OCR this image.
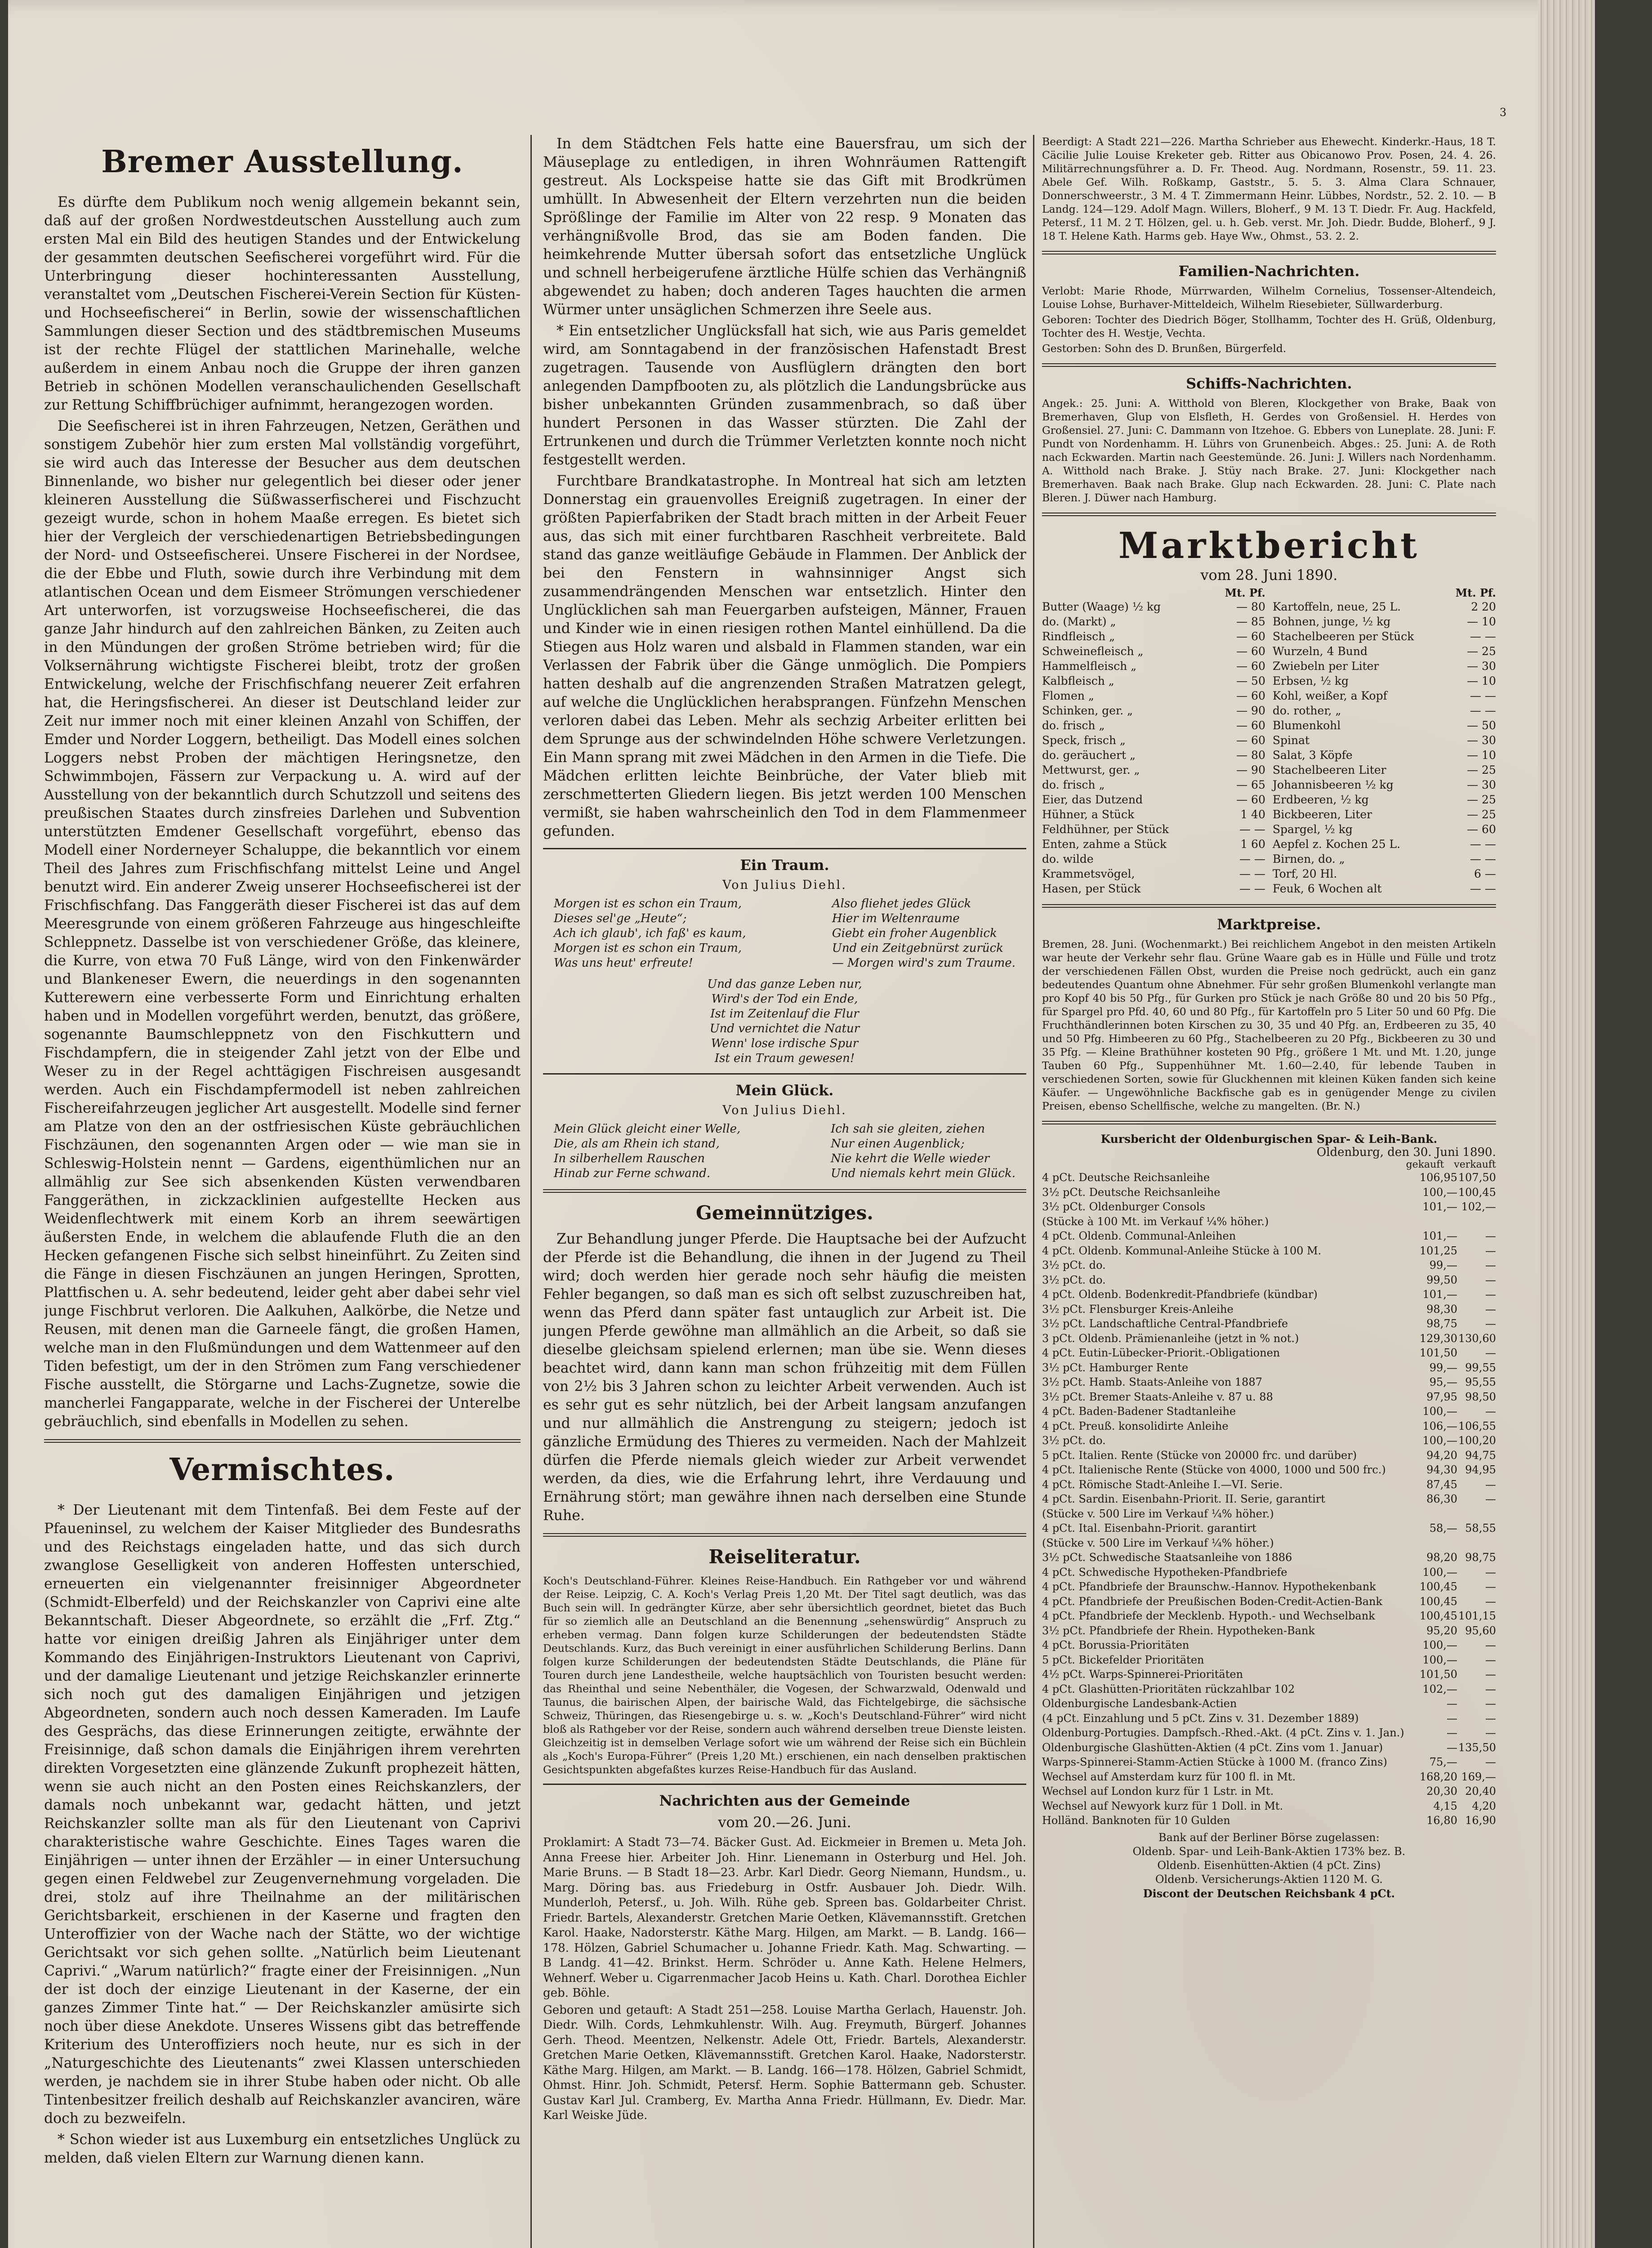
3
Bremer Ausstellung.

Es dürfte dem Publikum noch wenig allgemein bekannt sein, daß auf der großen Nordwestdeutschen Ausstellung auch zum ersten Mal ein Bild des heutigen Standes und der Entwickelung der gesammten deutschen Seefischerei vorgeführt wird. Für die Unterbringung dieser hochinteressanten Ausstellung, veranstaltet vom „Deutschen Fischerei-Verein Section für Küsten- und Hochseefischerei“ in Berlin, sowie der wissenschaftlichen Sammlungen dieser Section und des städtbremischen Museums ist der rechte Flügel der stattlichen Marinehalle, welche außerdem in einem Anbau noch die Gruppe der ihren ganzen Betrieb in schönen Modellen veranschaulichenden Gesellschaft zur Rettung Schiffbrüchiger aufnimmt, herangezogen worden.

Die Seefischerei ist in ihren Fahrzeugen, Netzen, Geräthen und sonstigem Zubehör hier zum ersten Mal vollständig vorgeführt, sie wird auch das Interesse der Besucher aus dem deutschen Binnenlande, wo bisher nur gelegentlich bei dieser oder jener kleineren Ausstellung die Süßwasserfischerei und Fischzucht gezeigt wurde, schon in hohem Maaße erregen. Es bietet sich hier der Vergleich der verschiedenartigen Betriebsbedingungen der Nord- und Ostseefischerei. Unsere Fischerei in der Nordsee, die der Ebbe und Fluth, sowie durch ihre Verbindung mit dem atlantischen Ocean und dem Eismeer Strömungen verschiedener Art unterworfen, ist vorzugsweise Hochseefischerei, die das ganze Jahr hindurch auf den zahlreichen Bänken, zu Zeiten auch in den Mündungen der großen Ströme betrieben wird; für die Volksernährung wichtigste Fischerei bleibt, trotz der großen Entwickelung, welche der Frischfischfang neuerer Zeit erfahren hat, die Heringsfischerei. An dieser ist Deutschland leider zur Zeit nur immer noch mit einer kleinen Anzahl von Schiffen, der Emder und Norder Loggern, betheiligt. Das Modell eines solchen Loggers nebst Proben der mächtigen Heringsnetze, den Schwimmbojen, Fässern zur Verpackung u. A. wird auf der Ausstellung von der bekanntlich durch Schutzzoll und seitens des preußischen Staates durch zinsfreies Darlehen und Subvention unterstützten Emdener Gesellschaft vorgeführt, ebenso das Modell einer Norderneyer Schaluppe, die bekanntlich vor einem Theil des Jahres zum Frischfischfang mittelst Leine und Angel benutzt wird. Ein anderer Zweig unserer Hochseefischerei ist der Frischfischfang. Das Fanggeräth dieser Fischerei ist das auf dem Meeresgrunde von einem größeren Fahrzeuge aus hingeschleifte Schleppnetz. Dasselbe ist von verschiedener Größe, das kleinere, die Kurre, von etwa 70 Fuß Länge, wird von den Finkenwärder und Blankeneser Ewern, die neuerdings in den sogenannten Kutterewern eine verbesserte Form und Einrichtung erhalten haben und in Modellen vorgeführt werden, benutzt, das größere, sogenannte Baumschleppnetz von den Fischkuttern und Fischdampfern, die in steigender Zahl jetzt von der Elbe und Weser zu in der Regel achttägigen Fischreisen ausgesandt werden. Auch ein Fischdampfermodell ist neben zahlreichen Fischereifahrzeugen jeglicher Art ausgestellt. Modelle sind ferner am Platze von den an der ostfriesischen Küste gebräuchlichen Fischzäunen, den sogenannten Argen oder — wie man sie in Schleswig-Holstein nennt — Gardens, eigenthümlichen nur an allmählig zur See sich absenkenden Küsten verwendbaren Fanggeräthen, in zickzacklinien aufgestellte Hecken aus Weidenflechtwerk mit einem Korb an ihrem seewärtigen äußersten Ende, in welchem die ablaufende Fluth die an den Hecken gefangenen Fische sich selbst hineinführt. Zu Zeiten sind die Fänge in diesen Fischzäunen an jungen Heringen, Sprotten, Plattfischen u. A. sehr bedeutend, leider geht aber dabei sehr viel junge Fischbrut verloren. Die Aalkuhen, Aalkörbe, die Netze und Reusen, mit denen man die Garneele fängt, die großen Hamen, welche man in den Flußmündungen und dem Wattenmeer auf den Tiden befestigt, um der in den Strömen zum Fang verschiedener Fische ausstellt, die Störgarne und Lachs-Zugnetze, sowie die mancherlei Fangapparate, welche in der Fischerei der Unterelbe gebräuchlich, sind ebenfalls in Modellen zu sehen.

Vermischtes.

* Der Lieutenant mit dem Tintenfaß. Bei dem Feste auf der Pfaueninsel, zu welchem der Kaiser Mitglieder des Bundesraths und des Reichstags eingeladen hatte, und das sich durch zwanglose Geselligkeit von anderen Hoffesten unterschied, erneuerten ein vielgenannter freisinniger Abgeordneter (Schmidt-Elberfeld) und der Reichskanzler von Caprivi eine alte Bekanntschaft. Dieser Abgeordnete, so erzählt die „Frf. Ztg.“ hatte vor einigen dreißig Jahren als Einjähriger unter dem Kommando des Einjährigen-Instruktors Lieutenant von Caprivi, und der damalige Lieutenant und jetzige Reichskanzler erinnerte sich noch gut des damaligen Einjährigen und jetzigen Abgeordneten, sondern auch noch dessen Kameraden. Im Laufe des Gesprächs, das diese Erinnerungen zeitigte, erwähnte der Freisinnige, daß schon damals die Einjährigen ihrem verehrten direkten Vorgesetzten eine glänzende Zukunft prophezeit hätten, wenn sie auch nicht an den Posten eines Reichskanzlers, der damals noch unbekannt war, gedacht hätten, und jetzt Reichskanzler sollte man als für den Lieutenant von Caprivi charakteristische wahre Geschichte. Eines Tages waren die Einjährigen — unter ihnen der Erzähler — in einer Untersuchung gegen einen Feldwebel zur Zeugenvernehmung vorgeladen. Die drei, stolz auf ihre Theilnahme an der militärischen Gerichtsbarkeit, erschienen in der Kaserne und fragten den Unteroffizier von der Wache nach der Stätte, wo der wichtige Gerichtsakt vor sich gehen sollte. „Natürlich beim Lieutenant Caprivi.“ „Warum natürlich?“ fragte einer der Freisinnigen. „Nun der ist doch der einzige Lieutenant in der Kaserne, der ein ganzes Zimmer Tinte hat.“ — Der Reichskanzler amüsirte sich noch über diese Anekdote. Unseres Wissens gibt das betreffende Kriterium des Unteroffiziers noch heute, nur es sich in der „Naturgeschichte des Lieutenants“ zwei Klassen unterschieden werden, je nachdem sie in ihrer Stube haben oder nicht. Ob alle Tintenbesitzer freilich deshalb auf Reichskanzler avanciren, wäre doch zu bezweifeln.

* Schon wieder ist aus Luxemburg ein entsetzliches Unglück zu melden, daß vielen Eltern zur Warnung dienen kann.

In dem Städtchen Fels hatte eine Bauersfrau, um sich der Mäuseplage zu entledigen, in ihren Wohnräumen Rattengift gestreut. Als Lockspeise hatte sie das Gift mit Brodkrümen umhüllt. In Abwesenheit der Eltern verzehrten nun die beiden Sprößlinge der Familie im Alter von 22 resp. 9 Monaten das verhängnißvolle Brod, das sie am Boden fanden. Die heimkehrende Mutter übersah sofort das entsetzliche Unglück und schnell herbeigerufene ärztliche Hülfe schien das Verhängniß abgewendet zu haben; doch anderen Tages hauchten die armen Würmer unter unsäglichen Schmerzen ihre Seele aus.

* Ein entsetzlicher Unglücksfall hat sich, wie aus Paris gemeldet wird, am Sonntagabend in der französischen Hafenstadt Brest zugetragen. Tausende von Ausflüglern drängten den bort anlegenden Dampfbooten zu, als plötzlich die Landungsbrücke aus bisher unbekannten Gründen zusammenbrach, so daß über hundert Personen in das Wasser stürzten. Die Zahl der Ertrunkenen und durch die Trümmer Verletzten konnte noch nicht festgestellt werden.

Furchtbare Brandkatastrophe. In Montreal hat sich am letzten Donnerstag ein grauenvolles Ereigniß zugetragen. In einer der größten Papierfabriken der Stadt brach mitten in der Arbeit Feuer aus, das sich mit einer furchtbaren Raschheit verbreitete. Bald stand das ganze weitläufige Gebäude in Flammen. Der Anblick der bei den Fenstern in wahnsinniger Angst sich zusammendrängenden Menschen war entsetzlich. Hinter den Unglücklichen sah man Feuergarben aufsteigen, Männer, Frauen und Kinder wie in einen riesigen rothen Mantel einhüllend. Da die Stiegen aus Holz waren und alsbald in Flammen standen, war ein Verlassen der Fabrik über die Gänge unmöglich. Die Pompiers hatten deshalb auf die angrenzenden Straßen Matratzen gelegt, auf welche die Unglücklichen herabsprangen. Fünfzehn Menschen verloren dabei das Leben. Mehr als sechzig Arbeiter erlitten bei dem Sprunge aus der schwindelnden Höhe schwere Verletzungen. Ein Mann sprang mit zwei Mädchen in den Armen in die Tiefe. Die Mädchen erlitten leichte Beinbrüche, der Vater blieb mit zerschmetterten Gliedern liegen. Bis jetzt werden 100 Menschen vermißt, sie haben wahrscheinlich den Tod in dem Flammenmeer gefunden.

Ein Traum.
Von Julius Diehl.
Morgen ist es schon ein Traum,
Dieses sel'ge „Heute“;
Ach ich glaub', ich faß' es kaum,
Morgen ist es schon ein Traum,
Was uns heut' erfreute!
Also fliehet jedes Glück
Hier im Weltenraume
Giebt ein froher Augenblick
Und ein Zeitgebnürst zurück
— Morgen wird's zum Traume.
Und das ganze Leben nur,
Wird's der Tod ein Ende,
Ist im Zeitenlauf die Flur
Und vernichtet die Natur
Wenn' lose irdische Spur
Ist ein Traum gewesen!
Mein Glück.
Von Julius Diehl.
Mein Glück gleicht einer Welle,
Die, als am Rhein ich stand,
In silberhellem Rauschen
Hinab zur Ferne schwand.
Ich sah sie gleiten, ziehen
Nur einen Augenblick;
Nie kehrt die Welle wieder
Und niemals kehrt mein Glück.
Gemeinnütziges.

Zur Behandlung junger Pferde. Die Hauptsache bei der Aufzucht der Pferde ist die Behandlung, die ihnen in der Jugend zu Theil wird; doch werden hier gerade noch sehr häufig die meisten Fehler begangen, so daß man es sich oft selbst zuzuschreiben hat, wenn das Pferd dann später fast untauglich zur Arbeit ist. Die jungen Pferde gewöhne man allmählich an die Arbeit, so daß sie dieselbe gleichsam spielend erlernen; man übe sie. Wenn dieses beachtet wird, dann kann man schon frühzeitig mit dem Füllen von 2½ bis 3 Jahren schon zu leichter Arbeit verwenden. Auch ist es sehr gut es sehr nützlich, bei der Arbeit langsam anzufangen und nur allmählich die Anstrengung zu steigern; jedoch ist gänzliche Ermüdung des Thieres zu vermeiden. Nach der Mahlzeit dürfen die Pferde niemals gleich wieder zur Arbeit verwendet werden, da dies, wie die Erfahrung lehrt, ihre Verdauung und Ernährung stört; man gewähre ihnen nach derselben eine Stunde Ruhe.

Reiseliteratur.

Koch's Deutschland-Führer. Kleines Reise-Handbuch. Ein Rathgeber vor und während der Reise. Leipzig, C. A. Koch's Verlag Preis 1,20 Mt. Der Titel sagt deutlich, was das Buch sein will. In gedrängter Kürze, aber sehr übersichtlich geordnet, bietet das Buch für so ziemlich alle an Deutschland an die Benennung „sehenswürdig“ Anspruch zu erheben vermag. Dann folgen kurze Schilderungen der bedeutendsten Städte Deutschlands. Kurz, das Buch vereinigt in einer ausführlichen Schilderung Berlins. Dann folgen kurze Schilderungen der bedeutendsten Städte Deutschlands, die Pläne für Touren durch jene Landestheile, welche hauptsächlich von Touristen besucht werden: das Rheinthal und seine Nebenthäler, die Vogesen, der Schwarzwald, Odenwald und Taunus, die bairischen Alpen, der bairische Wald, das Fichtelgebirge, die sächsische Schweiz, Thüringen, das Riesengebirge u. s. w. „Koch's Deutschland-Führer“ wird nicht bloß als Rathgeber vor der Reise, sondern auch während derselben treue Dienste leisten. Gleichzeitig ist in demselben Verlage sofort wie um während der Reise sich ein Büchlein als „Koch's Europa-Führer“ (Preis 1,20 Mt.) erschienen, ein nach denselben praktischen Gesichtspunkten abgefaßtes kurzes Reise-Handbuch für das Ausland.

Nachrichten aus der Gemeinde
vom 20.—26. Juni.

Proklamirt: A Stadt 73—74. Bäcker Gust. Ad. Eickmeier in Bremen u. Meta Joh. Anna Freese hier. Arbeiter Joh. Hinr. Lienemann in Osterburg und Hel. Joh. Marie Bruns. — B Stadt 18—23. Arbr. Karl Diedr. Georg Niemann, Hundsm., u. Marg. Döring bas. aus Friedeburg in Ostfr. Ausbauer Joh. Diedr. Wilh. Munderloh, Petersf., u. Joh. Wilh. Rühe geb. Spreen bas. Goldarbeiter Christ. Friedr. Bartels, Alexanderstr. Gretchen Marie Oetken, Klävemannsstift. Gretchen Karol. Haake, Nadorsterstr. Käthe Marg. Hilgen, am Markt. — B. Landg. 166—178. Hölzen, Gabriel Schumacher u. Johanne Friedr. Kath. Mag. Schwarting. — B Landg. 41—42. Brinkst. Herm. Schröder u. Anne Kath. Helene Helmers, Wehnerf. Weber u. Cigarrenmacher Jacob Heins u. Kath. Charl. Dorothea Eichler geb. Böhle.

Geboren und getauft: A Stadt 251—258. Louise Martha Gerlach, Hauenstr. Joh. Diedr. Wilh. Cords, Lehmkuhlenstr. Wilh. Aug. Freymuth, Bürgerf. Johannes Gerh. Theod. Meentzen, Nelkenstr. Adele Ott, Friedr. Bartels, Alexanderstr. Gretchen Marie Oetken, Klävemannsstift. Gretchen Karol. Haake, Nadorsterstr. Käthe Marg. Hilgen, am Markt. — B. Landg. 166—178. Hölzen, Gabriel Schmidt, Ohmst. Hinr. Joh. Schmidt, Petersf. Herm. Sophie Battermann geb. Schuster. Gustav Karl Jul. Cramberg, Ev. Martha Anna Friedr. Hüllmann, Ev. Diedr. Mar. Karl Weiske Jüde.

Beerdigt: A Stadt 221—226. Martha Schrieber aus Ehewecht. Kinderkr.-Haus, 18 T. Cäcilie Julie Louise Kreketer geb. Ritter aus Obicanowo Prov. Posen, 24. 4. 26. Militärrechnungsführer a. D. Fr. Theod. Aug. Nordmann, Rosenstr., 59. 11. 23. Abele Gef. Wilh. Roßkamp, Gaststr., 5. 5. 3. Alma Clara Schnauer, Donnerschweerstr., 3 M. 4 T. Zimmermann Heinr. Lübbes, Nordstr., 52. 2. 10. — B Landg. 124—129. Adolf Magn. Willers, Bloherf., 9 M. 13 T. Diedr. Fr. Aug. Hackfeld, Petersf., 11 M. 2 T. Hölzen, gel. u. h. Geb. verst. Mr. Joh. Diedr. Budde, Bloherf., 9 J. 18 T. Helene Kath. Harms geb. Haye Ww., Ohmst., 53. 2. 2.

Familien-Nachrichten.

Verlobt: Marie Rhode, Mürrwarden, Wilhelm Cornelius, Tossenser-Altendeich, Louise Lohse, Burhaver-Mitteldeich, Wilhelm Riesebieter, Süllwarderburg.

Geboren: Tochter des Diedrich Böger, Stollhamm, Tochter des H. Grüß, Oldenburg, Tochter des H. Westje, Vechta.

Gestorben: Sohn des D. Brunßen, Bürgerfeld.

Schiffs-Nachrichten.

Angek.: 25. Juni: A. Witthold von Bleren, Klockgether von Brake, Baak von Bremerhaven, Glup von Elsfleth, H. Gerdes von Großensiel. H. Herdes von Großensiel. 27. Juni: C. Dammann von Itzehoe. G. Ebbers von Luneplate. 28. Juni: F. Pundt von Nordenhamm. H. Lührs von Grunenbeich. Abges.: 25. Juni: A. de Roth nach Eckwarden. Martin nach Geestemünde. 26. Juni: J. Willers nach Nordenhamm. A. Witthold nach Brake. J. Stüy nach Brake. 27. Juni: Klockgether nach Bremerhaven. Baak nach Brake. Glup nach Eckwarden. 28. Juni: C. Plate nach Bleren. J. Düwer nach Hamburg.

Marktbericht
vom 28. Juni 1890.
Mt. Pf.
Butter (Waage) ½ kg	— 80
do. (Markt) „	— 85
Rindfleisch „	— 60
Schweinefleisch „	— 60
Hammelfleisch „	— 60
Kalbfleisch „	— 50
Flomen „	— 60
Schinken, ger. „	— 90
do. frisch „	— 60
Speck, frisch „	— 60
do. geräuchert „	— 80
Mettwurst, ger. „	— 90
do. frisch „	— 65
Eier, das Dutzend	— 60
Hühner, a Stück	1 40
Feldhühner, per Stück	— —
Enten, zahme a Stück	1 60
do. wilde	— —
Krammetsvögel,	— —
Hasen, per Stück	— —
Mt. Pf.
Kartoffeln, neue, 25 L.	2 20
Bohnen, junge, ½ kg	— 10
Stachelbeeren per Stück	— —
Wurzeln, 4 Bund	— 25
Zwiebeln per Liter	— 30
Erbsen, ½ kg	— 10
Kohl, weißer, a Kopf	— —
do. rother, „	— —
Blumenkohl	— 50
Spinat	— 30
Salat, 3 Köpfe	— 10
Stachelbeeren Liter	— 25
Johannisbeeren ½ kg	— 30
Erdbeeren, ½ kg	— 25
Bickbeeren, Liter	— 25
Spargel, ½ kg	— 60
Aepfel z. Kochen 25 L.	— —
Birnen, do. „	— —
Torf, 20 Hl.	6 —
Feuk, 6 Wochen alt	— —
Marktpreise.

Bremen, 28. Juni. (Wochenmarkt.) Bei reichlichem Angebot in den meisten Artikeln war heute der Verkehr sehr flau. Grüne Waare gab es in Hülle und Fülle und trotz der verschiedenen Fällen Obst, wurden die Preise noch gedrückt, auch ein ganz bedeutendes Quantum ohne Abnehmer. Für sehr großen Blumenkohl verlangte man pro Kopf 40 bis 50 Pfg., für Gurken pro Stück je nach Größe 80 und 20 bis 50 Pfg., für Spargel pro Pfd. 40, 60 und 80 Pfg., für Kartoffeln pro 5 Liter 50 und 60 Pfg. Die Fruchthändlerinnen boten Kirschen zu 30, 35 und 40 Pfg. an, Erdbeeren zu 35, 40 und 50 Pfg. Himbeeren zu 60 Pfg., Stachelbeeren zu 20 Pfg., Bickbeeren zu 30 und 35 Pfg. — Kleine Brathühner kosteten 90 Pfg., größere 1 Mt. und Mt. 1.20, junge Tauben 60 Pfg., Suppenhühner Mt. 1.60—2.40, für lebende Tauben in verschiedenen Sorten, sowie für Gluckhennen mit kleinen Küken fanden sich keine Käufer. — Ungewöhnliche Backfische gab es in genügender Menge zu civilen Preisen, ebenso Schellfische, welche zu mangelten. (Br. N.)

Kursbericht der Oldenburgischen Spar- & Leih-Bank.
Oldenburg, den 30. Juni 1890.
gekauft verkauft
4 pCt. Deutsche Reichsanleihe	106,95 107,50
3½ pCt. Deutsche Reichsanleihe	100,— 100,45
3½ pCt. Oldenburger Consols	101,— 102,—
(Stücke à 100 Mt. im Verkauf ¼% höher.)
4 pCt. Oldenb. Communal-Anleihen	101,—	—
4 pCt. Oldenb. Kommunal-Anleihe Stücke à 100 M.	101,25	—
3½ pCt. do.	99,—	—
3½ pCt. do.	99,50	—
4 pCt. Oldenb. Bodenkredit-Pfandbriefe (kündbar)	101,—	—
3½ pCt. Flensburger Kreis-Anleihe	98,30	—
3½ pCt. Landschaftliche Central-Pfandbriefe	98,75	—
3 pCt. Oldenb. Prämienanleihe (jetzt in % not.)	129,30 130,60
4 pCt. Eutin-Lübecker-Priorit.-Obligationen	101,50	—
3½ pCt. Hamburger Rente	99,— 99,55
3½ pCt. Hamb. Staats-Anleihe von 1887	95,— 95,55
3½ pCt. Bremer Staats-Anleihe v. 87 u. 88	97,95 98,50
4 pCt. Baden-Badener Stadtanleihe	100,—	—
4 pCt. Preuß. konsolidirte Anleihe	106,— 106,55
3½ pCt. do.	100,— 100,20
5 pCt. Italien. Rente (Stücke von 20000 frc. und darüber)	94,20 94,75
4 pCt. Italienische Rente (Stücke von 4000, 1000 und 500 frc.)	94,30 94,95
4 pCt. Römische Stadt-Anleihe I.—VI. Serie.	87,45	—
4 pCt. Sardin. Eisenbahn-Priorit. II. Serie, garantirt	86,30	—
(Stücke v. 500 Lire im Verkauf ¼% höher.)
4 pCt. Ital. Eisenbahn-Priorit. garantirt	58,— 58,55
(Stücke v. 500 Lire im Verkauf ¼% höher.)
3½ pCt. Schwedische Staatsanleihe von 1886	98,20 98,75
4 pCt. Schwedische Hypotheken-Pfandbriefe	100,—	—
4 pCt. Pfandbriefe der Braunschw.-Hannov. Hypothekenbank	100,45	—
4 pCt. Pfandbriefe der Preußischen Boden-Credit-Actien-Bank	100,45	—
4 pCt. Pfandbriefe der Mecklenb. Hypoth.- und Wechselbank	100,45 101,15
3½ pCt. Pfandbriefe der Rhein. Hypotheken-Bank	95,20 95,60
4 pCt. Borussia-Prioritäten	100,—	—
5 pCt. Bickefelder Prioritäten	100,—	—
4½ pCt. Warps-Spinnerei-Prioritäten	101,50	—
4 pCt. Glashütten-Prioritäten rückzahlbar 102	102,—	—
Oldenburgische Landesbank-Actien	—	—
(4 pCt. Einzahlung und 5 pCt. Zins v. 31. Dezember 1889)	—	—
Oldenburg-Portugies. Dampfsch.-Rhed.-Akt. (4 pCt. Zins v. 1. Jan.)	—	—
Oldenburgische Glashütten-Aktien (4 pCt. Zins vom 1. Januar)	— 135,50
Warps-Spinnerei-Stamm-Actien Stücke à 1000 M. (franco Zins)	75,—	—
Wechsel auf Amsterdam kurz für 100 fl. in Mt.	168,20 169,—
Wechsel auf London kurz für 1 Lstr. in Mt.	20,30 20,40
Wechsel auf Newyork kurz für 1 Doll. in Mt.	4,15	4,20
Holländ. Banknoten für 10 Gulden	16,80 16,90
Bank auf der Berliner Börse zugelassen:
Oldenb. Spar- und Leih-Bank-Aktien 173% bez. B.
Oldenb. Eisenhütten-Aktien (4 pCt. Zins)
Oldenb. Versicherungs-Aktien 1120 M. G.
Discont der Deutschen Reichsbank 4 pCt.
